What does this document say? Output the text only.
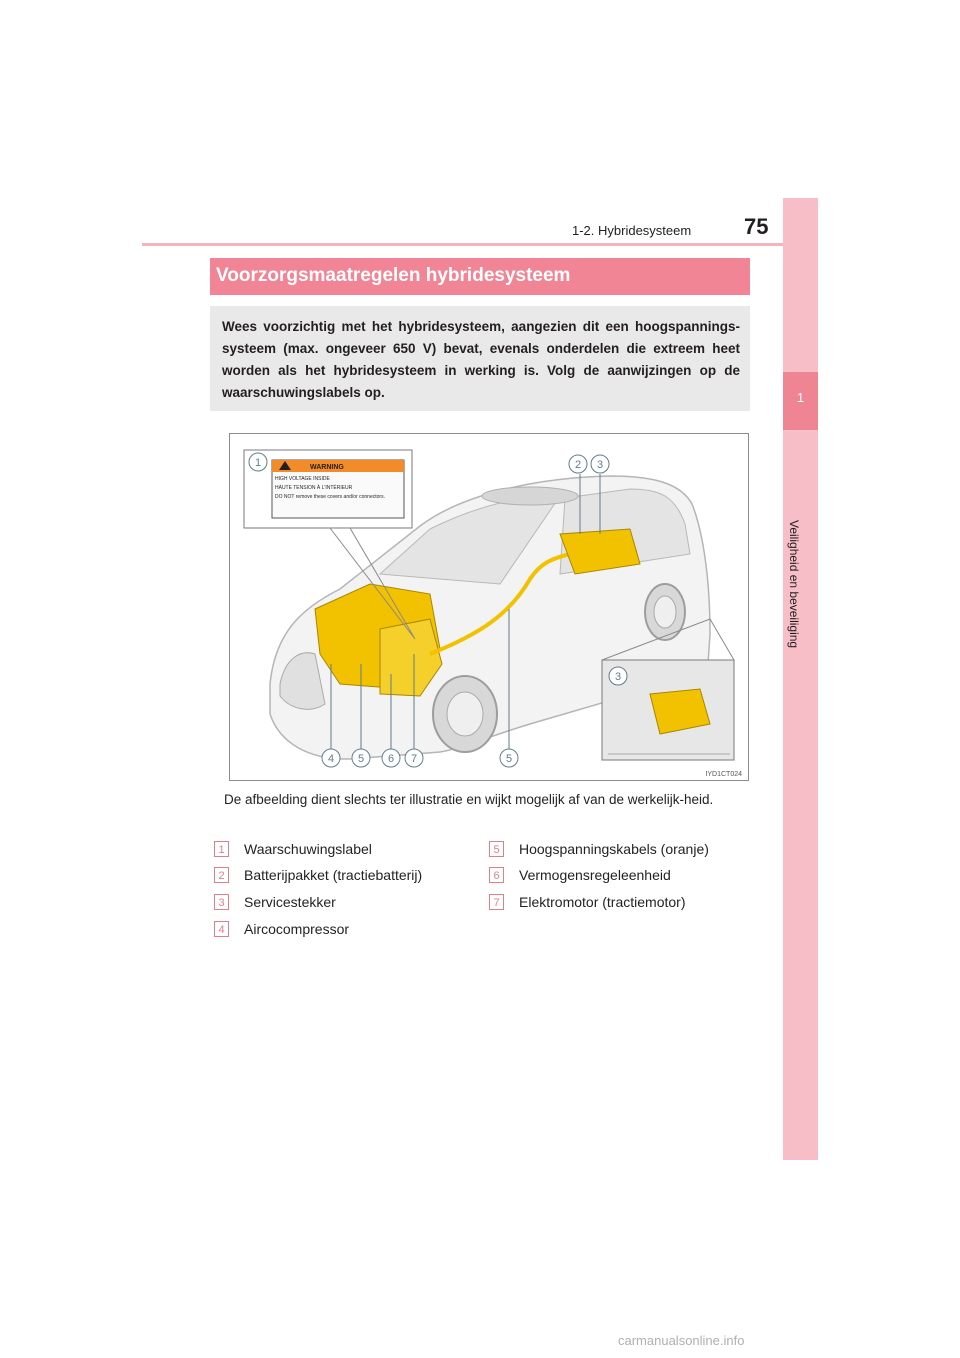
1-2. Hybridesysteem 75
1
Veiligheid en beveiliging
Voorzorgsmaatregelen hybridesysteem
Wees voorzichtig met het hybridesysteem, aangezien dit een hoogspannings-systeem (max. ongeveer 650 V) bevat, evenals onderdelen die extreem heet worden als het hybridesysteem in werking is. Volg de aanwijzingen op de waarschuwingslabels op.
WARNING
HIGH VOLTAGE INSIDE
HAUTE TENSION À L'INTÉRIEUR
DO NOT remove these covers and/or connectors.
1	2 3
3
4 5 6 7	5
IYD1CT024
De afbeelding dient slechts ter illustratie en wijkt mogelijk af van de werkelijk-heid.
1	Waarschuwingslabel
2	Batterijpakket (tractiebatterij)
3	Servicestekker
4	Aircocompressor
5	Hoogspanningskabels (oranje)
6	Vermogensregeleenheid
7	Elektromotor (tractiemotor)
carmanualsonline.info
